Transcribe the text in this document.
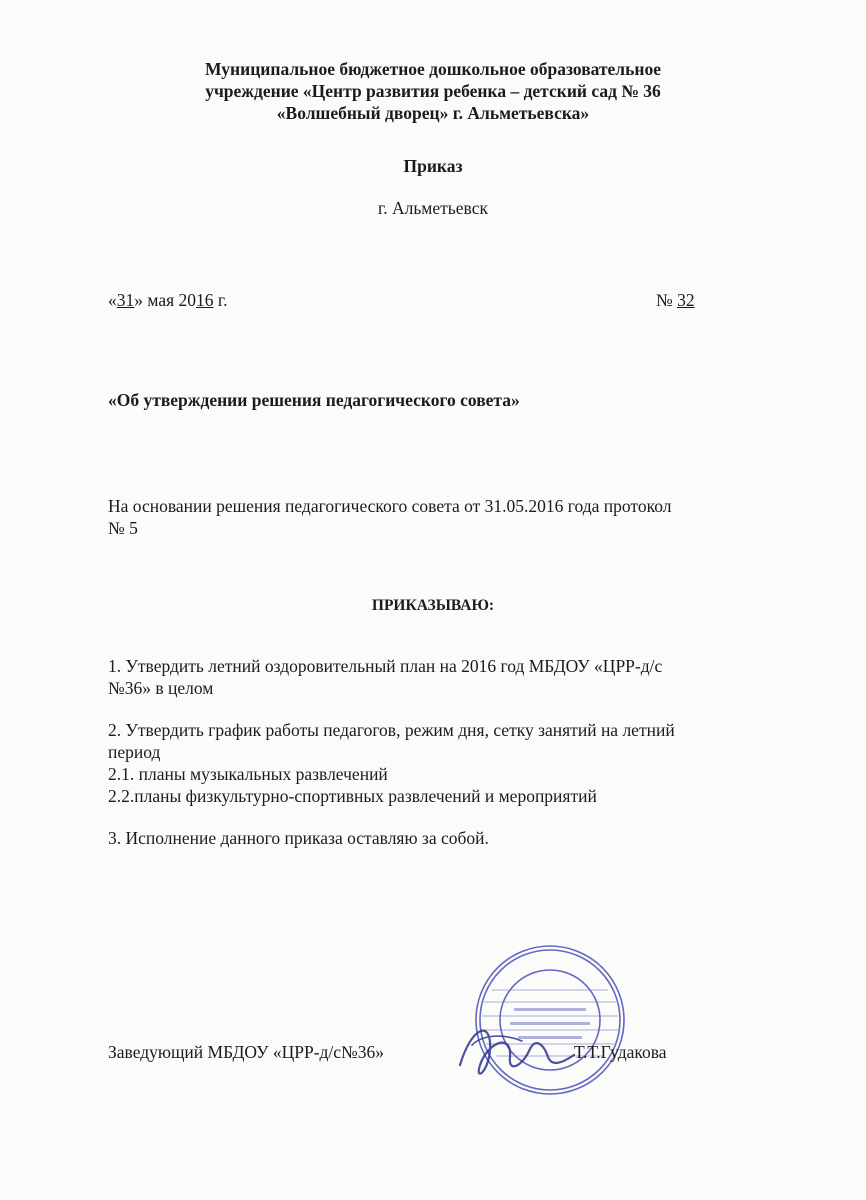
Муниципальное бюджетное дошкольное образовательное
учреждение «Центр развития ребенка – детский сад № 36
«Волшебный дворец» г. Альметьевска»
Приказ
г. Альметьевск
«31» мая 2016 г.	№ 32
«Об утверждении решения педагогического совета»
На основании решения педагогического совета от 31.05.2016 года протокол
№ 5
ПРИКАЗЫВАЮ:
1. Утвердить летний оздоровительный план на 2016 год МБДОУ «ЦРР-д/с
№36» в целом
2. Утвердить график работы педагогов, режим дня, сетку занятий на летний
период
2.1. планы музыкальных развлечений
2.2.планы физкультурно-спортивных развлечений и мероприятий
3. Исполнение данного приказа оставляю за собой.
Заведующий МБДОУ «ЦРР-д/с№36»	Т.Т.Гудакова
